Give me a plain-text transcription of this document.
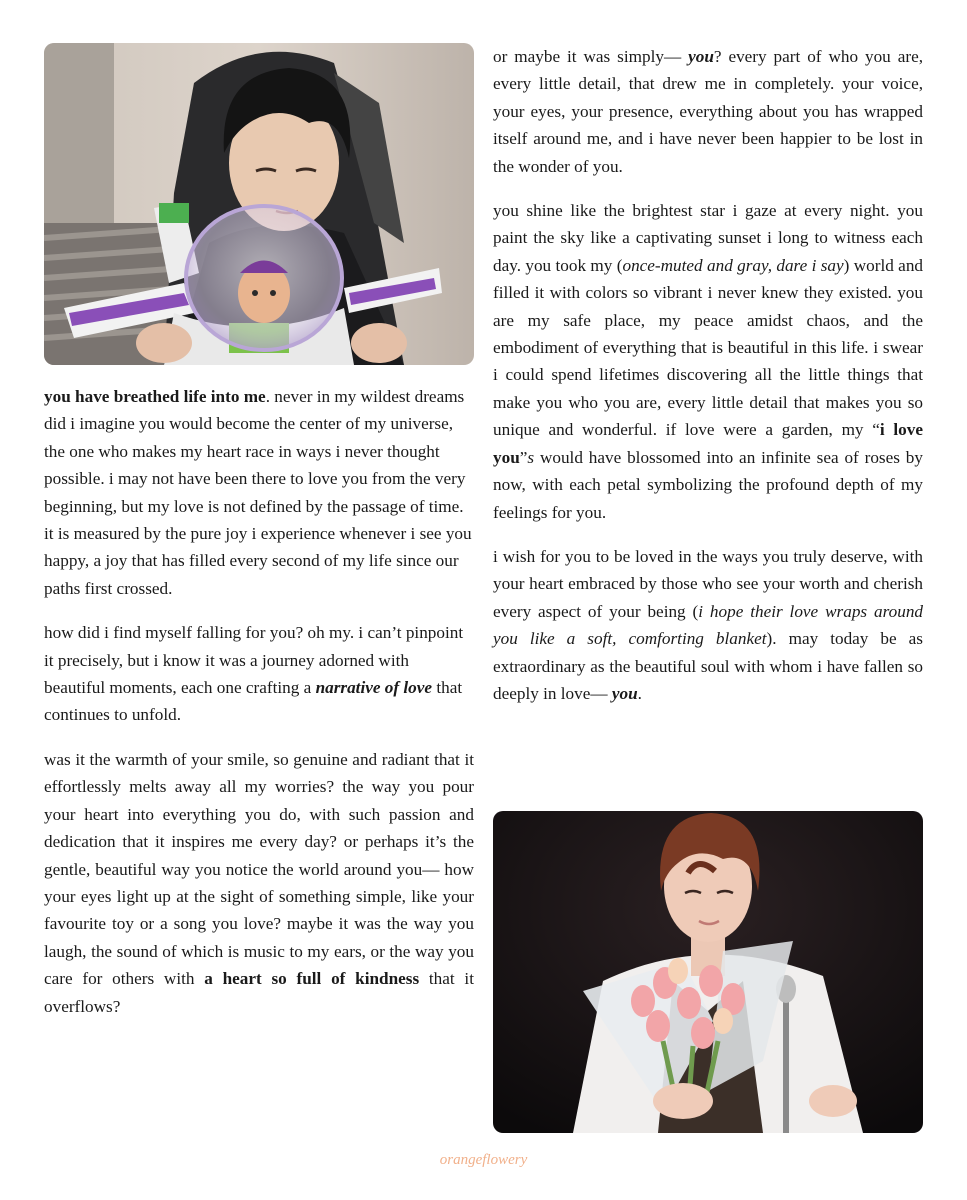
you have breathed life into me. never in my wildest dreams did i imagine you would become the center of my universe, the one who makes my heart race in ways i never thought possible. i may not have been there to love you from the very beginning, but my love is not defined by the passage of time. it is measured by the pure joy i experience whenever i see you happy, a joy that has filled every second of my life since our paths first crossed.

how did i find myself falling for you? oh my. i can’t pinpoint it precisely, but i know it was a journey adorned with beautiful moments, each one crafting a narrative of love that continues to unfold.

was it the warmth of your smile, so genuine and radiant that it effortlessly melts away all my worries? the way you pour your heart into everything you do, with such passion and dedication that it inspires me every day? or perhaps it’s the gentle, beautiful way you notice the world around you— how your eyes light up at the sight of something simple, like your favourite toy or a song you love? maybe it was the way you laugh, the sound of which is music to my ears, or the way you care for others with a heart so full of kindness that it overflows?

or maybe it was simply— you? every part of who you are, every little detail, that drew me in completely. your voice, your eyes, your presence, everything about you has wrapped itself around me, and i have never been happier to be lost in the wonder of you.

you shine like the brightest star i gaze at every night. you paint the sky like a captivating sunset i long to witness each day. you took my (once-muted and gray, dare i say) world and filled it with colors so vibrant i never knew they existed. you are my safe place, my peace amidst chaos, and the embodiment of everything that is beautiful in this life. i swear i could spend lifetimes discovering all the little things that make you who you are, every little detail that makes you so unique and wonderful. if love were a garden, my “i love you”s would have blossomed into an infinite sea of roses by now, with each petal symbolizing the profound depth of my feelings for you.

i wish for you to be loved in the ways you truly deserve, with your heart embraced by those who see your worth and cherish every aspect of your being (i hope their love wraps around you like a soft, comforting blanket). may today be as extraordinary as the beautiful soul with whom i have fallen so deeply in love— you.

orangeflowery
